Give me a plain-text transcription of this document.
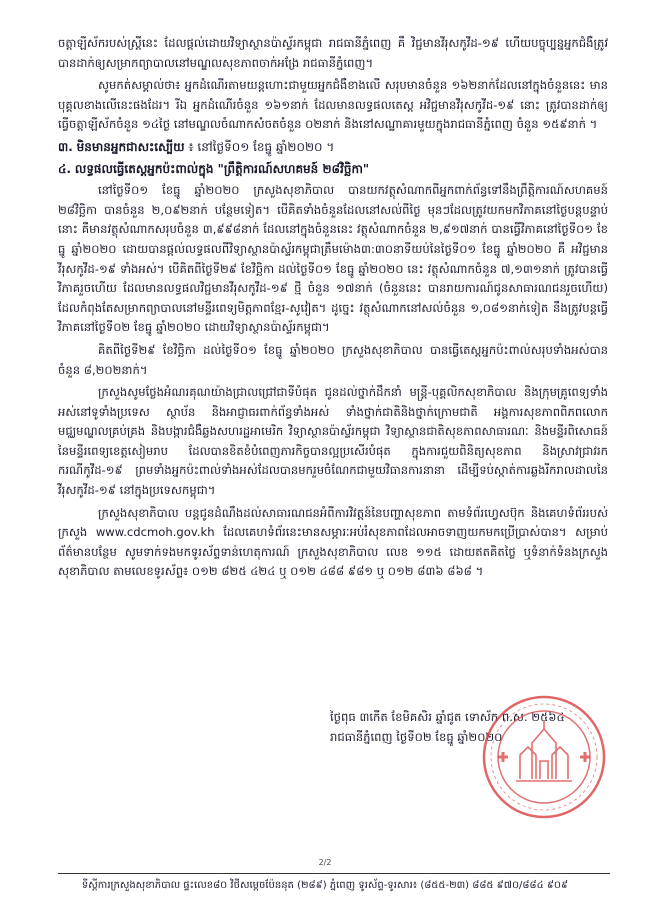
ចត្តាឡីស័ករបស់ស្ត្រីនេះ ដែលផ្តល់ដោយវិទ្យាស្ថានប៉ាស្ទ័រកម្ពុជា រាជធានីភ្នំពេញ គឺ វិជ្ជមានវីរុសកូវីដ-១៩ ហើយបច្ចុប្បន្នអ្នកជំងឺត្រូវបានដាក់ឲ្យសម្រាកព្យាបាលនៅមណ្ឌលសុខភាពចាក់អង្រែ រាជធានីភ្នំពេញ។

សូមកត់សម្គាល់ថា៖ អ្នកដំណើរតាមយន្តហោះជាមួយអ្នកជំងឺខាងលើ សរុបមានចំនួន ១៦២នាក់ដែលនៅក្នុងចំនួននេះ មានបុគ្គលខាងលើនេះផងដែរ។ រីឯ អ្នកដំណើរចំនួន ១៦១នាក់ ដែលមានលទ្ធផលតេស្ត អវិជ្ជមានវីរុសកូវីដ-១៩ នោះ ត្រូវបានដាក់ឲ្យធ្វើចត្តាឡីស័កចំនួន ១៤ថ្ងៃ នៅមណ្ឌលចំណាកសំចតចំនួន ០២នាក់ និងនៅសណ្ឋាគារមួយក្នុងរាជធានីភ្នំពេញ ចំនួន ១៥៩នាក់ ។

៣. មិនមានអ្នកជាសះស្បើយ ៖ នៅថ្ងៃទី០១ ខែធ្នូ ឆ្នាំ២០២០ ។

៤. លទ្ធផលធ្វើតេស្តអ្នកប៉ះពាល់ក្នុង "ព្រឹត្តិការណ៍សហគមន៍ ២៨វិច្ឆិកា"

នៅថ្ងៃទី០១ ខែធ្នូ ឆ្នាំ២០២០ ក្រសួងសុខាភិបាល បានយកវត្ថុសំណាកពីអ្នកពាក់ព័ន្ធទៅនឹងព្រឹត្តិការណ៍សហគមន៍ ២៨វិច្ឆិកា បានចំនួន ២,០៩២នាក់ បន្ថែមទៀត។ បើគិតទាំងចំនួនដែលនៅសល់ពីថ្ងៃ មុនៗដែលត្រូវយកមកវិភាគនៅថ្ងៃបន្តបន្ទាប់នោះ គឺមានវត្ថុសំណាកសរុបចំនួន ៣,៩៩៨នាក់ ដែលនៅក្នុងចំនួននេះ វត្ថុសំណាកចំនួន ២,៩១៧នាក់ បានធ្វើវិភាគនៅថ្ងៃទី០១ ខែធ្នូ ឆ្នាំ២០២០ ដោយបានផ្តល់លទ្ធផលពីវិទ្យាស្ថានប៉ាស្ទ័រកម្ពុជាត្រឹមម៉ោង៣:៣០នាទីយប់នៃថ្ងៃទី០១ ខែធ្នូ ឆ្នាំ២០២០ គឺ អវិជ្ជមានវីរុសកូវីដ-១៩ ទាំងអស់។ បើគិតពីថ្ងៃទី២៩ ខែវិច្ឆិកា ដល់ថ្ងៃទី០១ ខែធ្នូ ឆ្នាំ២០២០ នេះ វត្ថុសំណាកចំនួន ៧,១៣១នាក់ ត្រូវបានធ្វើវិភាគរួចហើយ ដែលមានលទ្ធផលវិជ្ជមានវីរុសកូវីដ-១៩ ថ្មី ចំនួន ១៧នាក់ (ចំនួននេះ បានរាយការណ៍ជូនសាធារណជនរួចហើយ) ដែលកំពុងតែសម្រាកព្យាបាលនៅមន្ទីរពេទ្យមិត្តភាពខ្មែរ-សូវៀត។ ដូច្នេះ វត្ថុសំណាកនៅសល់ចំនួន ១,០៨១នាក់ទៀត នឹងត្រូវបន្តធ្វើវិភាគនៅថ្ងៃទី០២ ខែធ្នូ ឆ្នាំ២០២០ ដោយវិទ្យាស្ថានប៉ាស្ទ័រកម្ពុជា។

គិតពីថ្ងៃទី២៩ ខែវិច្ឆិកា ដល់ថ្ងៃទី០១ ខែធ្នូ ឆ្នាំ២០២០ ក្រសួងសុខាភិបាល បានធ្វើតេស្តអ្នកប៉ះពាល់សរុបទាំងអស់បានចំនួន ៨,២០២នាក់។

ក្រសួងសូមថ្លែងអំណរគុណយ៉ាងជ្រាលជ្រៅជាទីបំផុត ជូនដល់ថ្នាក់ដឹកនាំ មន្ត្រី-បុគ្គលិកសុខាភិបាល និងក្រុមគ្រូពេទ្យទាំងអស់នៅទូទាំងប្រទេស ស្ថាប័ន និងអាជ្ញាធរពាក់ព័ន្ធទាំងអស់ ទាំងថ្នាក់ជាតិនិងថ្នាក់ក្រោមជាតិ អង្គការសុខភាពពិភពលោក មជ្ឈមណ្ឌលគ្រប់គ្រង និងបង្ការជំងឺឆ្លងសហរដ្ឋអាមេរិក វិទ្យាស្ថានប៉ាស្ទ័រកម្ពុជា វិទ្យាស្ថានជាតិសុខភាពសាធារណៈ និងមន្ទីរពិសោធន៍នៃមន្ទីរពេទ្យខេត្តសៀមរាប ដែលបានខិតខំបំពេញភារកិច្ចបានល្អប្រសើរបំផុត ក្នុងការជួយពិនិត្យសុខភាព និងស្រាវជ្រាវរកករណីកូវីដ-១៩ ព្រមទាំងអ្នកប៉ះពាល់ទាំងអស់ដែលបានមករួមចំណែកជាមួយវិធានការនានា ដើម្បីទប់ស្កាត់ការឆ្លងរីករាលដាលនៃវីរុសកូវីដ-១៩ នៅក្នុងប្រទេសកម្ពុជា។

ក្រសួងសុខាភិបាល បន្តជូនដំណឹងដល់សាធារណជនអំពីការវិវត្តន៍នៃបញ្ហាសុខភាព តាមទំព័រហ្វេសប៊ុក និងគេហទំព័ររបស់ក្រសួង www.cdcmoh.gov.kh ដែលគេហទំព័រនេះមានសម្ភារៈអប់រំសុខភាពដែលអាចទាញយកមកប្រើប្រាស់បាន។ សម្រាប់ព័ត៌មានបន្ថែម សូមទាក់ទងមកទូរស័ព្ទទាន់ហេតុការណ៍ ក្រសួងសុខាភិបាល លេខ ១១៥ ដោយឥតគិតថ្លៃ ឬទំនាក់ទំនងក្រសួងសុខាភិបាល តាមលេខទូរស័ព្ទ៖ ០១២ ៨២៥ ៤២៤ ឬ ០១២ ៤៨៨ ៩៨១ ឬ ០១២ ៨៣៦ ៨៦៨ ។

ថ្ងៃពុធ ៣កើត ខែមិគសិរ ឆ្នាំជូត ទោស័ក ព.ស. ២៥៦៤
រាជធានីភ្នំពេញ ថ្ងៃទី០២ ខែធ្នូ ឆ្នាំ២០២០
2/2
ទីស្តីការក្រសួងសុខាភិបាល ផ្ទះលេខ៨០ វិថីសម្តេចប៉ែននុត (២៨៩) ភ្នំពេញ ទូរស័ព្ទ-ទូរសារ៖ (៨៥៥-២៣) ៨៨៥ ៩៧០/៨៨៤ ៩០៩
